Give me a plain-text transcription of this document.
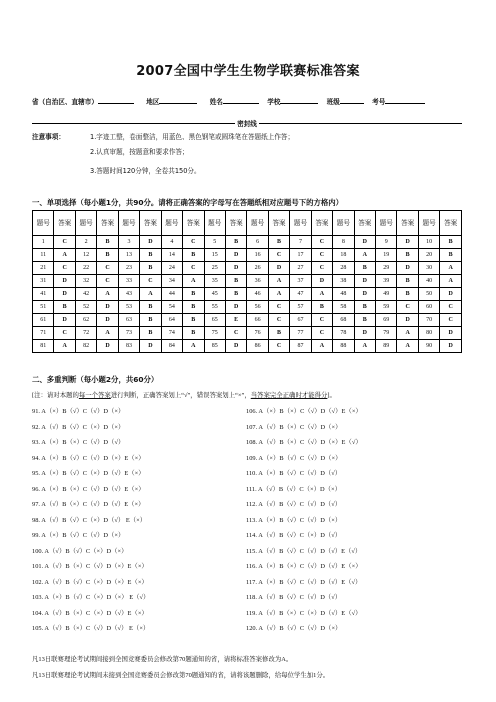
2007全国中学生生物学联赛标准答案
省（自治区、直辖市）	地区	姓名	学校	班级	考号
密封线
注意事项：	1.字迹工整，卷面整洁，用蓝色、黑色钢笔或圆珠笔在答题纸上作答；
2.认真审题，按题意和要求作答；
3.答题时间120分钟，全卷共150分。
一、单项选择（每小题1分，共90分。请将正确答案的字母写在答题纸相对应题号下的方格内）
题号	答案	题号	答案	题号	答案	题号	答案	题号	答案	题号	答案	题号	答案	题号	答案	题号	答案	题号	答案
1	C	2	B	3	D	4	C	5	B	6	B	7	C	8	D	9	D	10	B
11	A	12	B	13	B	14	B	15	D	16	C	17	C	18	A	19	B	20	B
21	C	22	C	23	B	24	C	25	D	26	D	27	C	28	B	29	D	30	A
31	D	32	C	33	C	34	A	35	B	36	A	37	D	38	D	39	B	40	A
41	D	42	A	43	A	44	B	45	B	46	A	47	A	48	D	49	B	50	D
51	B	52	D	53	B	54	B	55	D	56	C	57	B	58	B	59	C	60	C
61	D	62	D	63	B	64	B	65	E	66	C	67	C	68	B	69	D	70	C
71	C	72	A	73	B	74	B	75	C	76	B	77	C	78	D	79	A	80	D
81	A	82	D	83	D	84	A	85	D	86	C	87	A	88	A	89	A	90	D
二、多重判断（每小题2分，共60分）
[注：请对本题的每一个答案进行判断，正确答案划上“√”，错误答案划上“×”，当答案完全正确时才能得分]。
91. A（×）B（√）C（√）D（×）
92. A（√）B（√）C（×）D（×）
93. A（×）B（×）C（√）D（√）
94. A（×）B（√）C（√）D（×）E（×）
95. A（×）B（√）C（×）D（√）E（×）
96. A（×）B（×）C（√）D（√）E（×）
97. A（√）B（×）C（√）D（√）E（×）
98. A（√）B（√）C（×）D（√） E（×）
99. A（×）B（√）C（√）D（×）
100. A（√）B（√）C（×）D（×）
101. A（√）B（×）C（√）D（×）E（×）
102. A（√）B（√）C（×）D（×）E（×）
103. A（×）B（√）C（×）D（×） E（√）
104. A（√）B（×）C（×）D（√）E（×）
105. A（√）B（×）C（√）D（√） E（×）
106. A（×）B（×）C（√）D（√）E（×）
107. A（√）B（×）C（√）D（×）
108. A（√）B（×）C（√）D（×）E（√）
109. A（×）B（√）C（√）D（×）
110. A（×）B（√）C（√）D（√）
111. A（√）B（√）C（×）D（×）
112. A（√）B（√）C（√）D（√）
113. A（×）B（√）C（√）D（×）
114. A（√）B（√）C（×）D（√）
115. A（√）B（√）C（√）D（√）E（√）
116. A（×）B（×）C（√）D（√）E（×）
117. A（×）B（√）C（√）D（√）E（√）
118. A（√）B（√）C（√）D（√）
119. A（√）B（×）C（×）D（√）E（√）
120. A（√）B（√）C（√）D（×）
凡13日联赛理论考试期间接到全国竞赛委员会修改第70题通知的省，请将标准答案修改为A。
凡13日联赛理论考试期间未接到全国竞赛委员会修改第70题通知的省，请将该题删除，给每位学生加1分。
